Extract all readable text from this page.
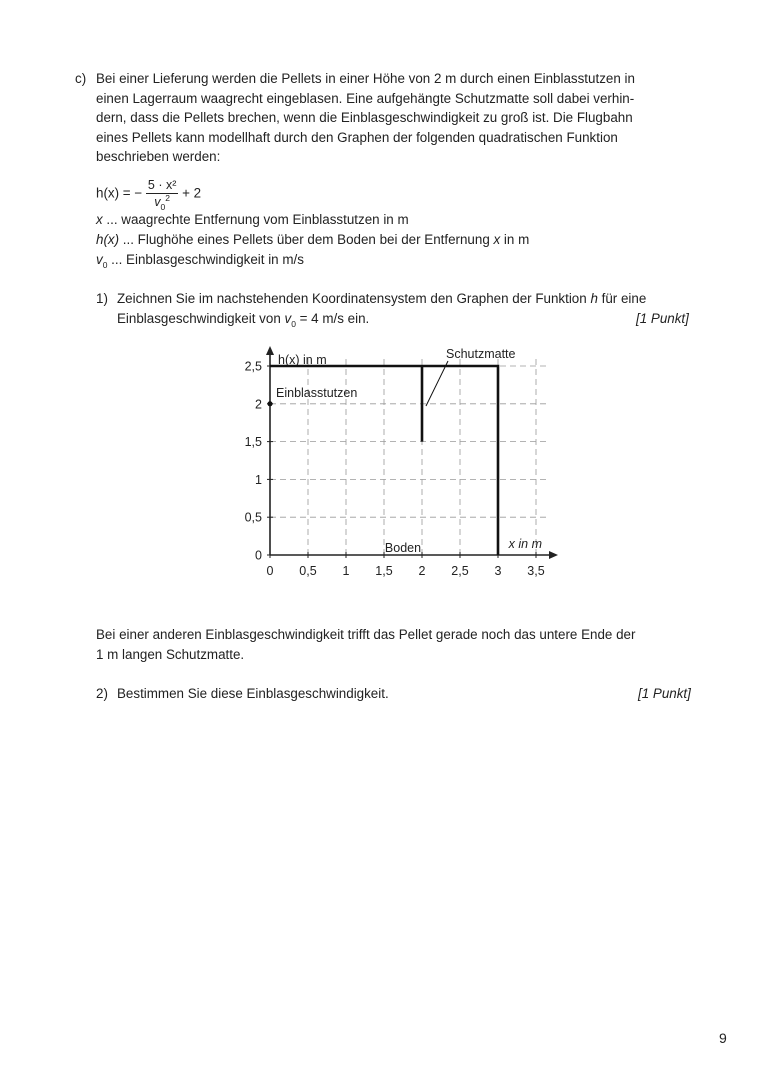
c) Bei einer Lieferung werden die Pellets in einer Höhe von 2 m durch einen Einblasstutzen in
einen Lagerraum waagrecht eingeblasen. Eine aufgehängte Schutzmatte soll dabei verhin-
dern, dass die Pellets brechen, wenn die Einblasgeschwindigkeit zu groß ist. Die Flugbahn
eines Pellets kann modellhaft durch den Graphen der folgenden quadratischen Funktion
beschrieben werden:
h(x) = − $\frac{\text{5 · x²}}{v_0^2} + 2$
x ... waagrechte Entfernung vom Einblasstutzen in m
h(x) ... Flughöhe eines Pellets über dem Boden bei der Entfernung x in m
$v_0$ ... Einblasgeschwindigkeit in m/s
1) Zeichnen Sie im nachstehenden Koordinatensystem den Graphen der Funktion h für eine
Einblasgeschwindigkeit von $v_0 = 4$ m/s ein.	[1 Punkt]
0 0,5 1 1,5 2 2,5 3 3,5
0
0,5
1
1,5
2
2,5
x in m
h(x) in m	Schutzmatte
Einblasstutzen
Boden
Bei einer anderen Einblasgeschwindigkeit trifft das Pellet gerade noch das untere Ende der
1 m langen Schutzmatte.
2) Bestimmen Sie diese Einblasgeschwindigkeit.	[1 Punkt]
9
